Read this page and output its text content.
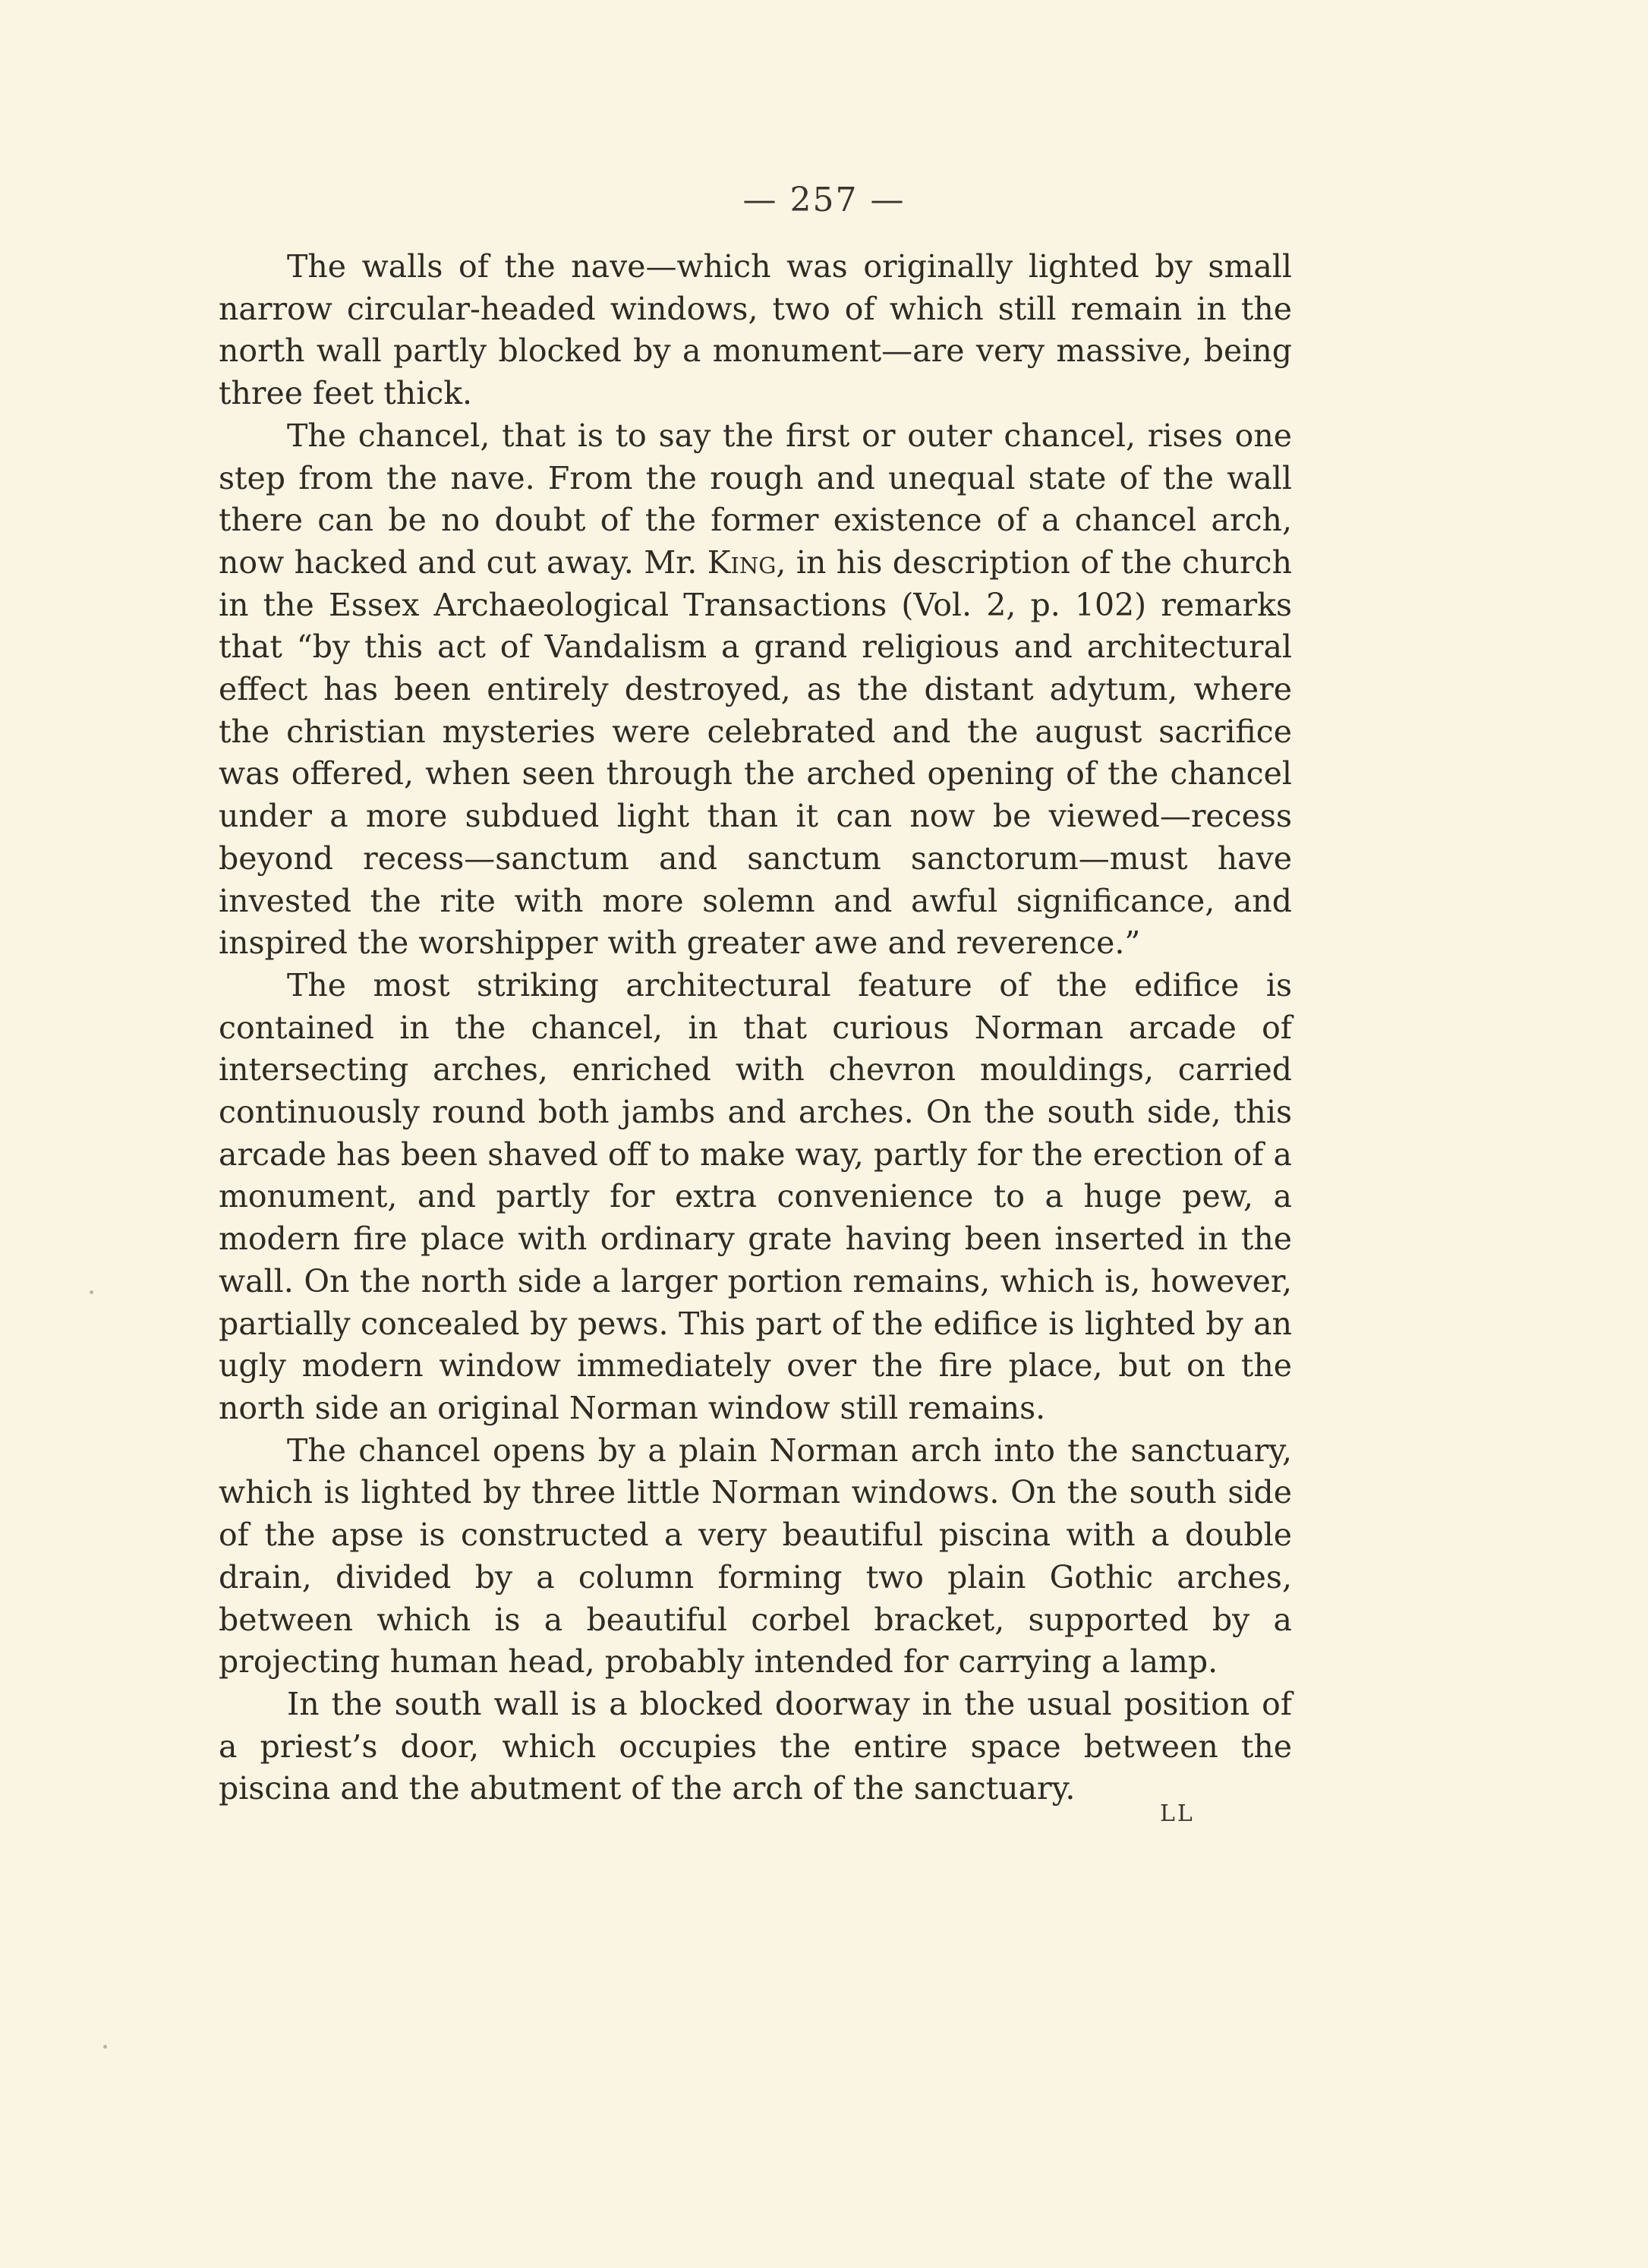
— 257 —

The walls of the nave—which was originally lighted by small narrow circular-headed windows, two of which still remain in the north wall partly blocked by a monument—are very massive, being three feet thick.

The chancel, that is to say the first or outer chancel, rises one step from the nave. From the rough and unequal state of the wall there can be no doubt of the former existence of a chancel arch, now hacked and cut away. Mr. King, in his description of the church in the Essex Archaeological Transactions (Vol. 2, p. 102) remarks that “by this act of Vandalism a grand religious and architectural effect has been entirely destroyed, as the distant adytum, where the christian mysteries were celebrated and the august sacrifice was offered, when seen through the arched opening of the chancel under a more subdued light than it can now be viewed—recess beyond recess—sanctum and sanctum sanctorum—must have invested the rite with more solemn and awful significance, and inspired the worshipper with greater awe and reverence.”

The most striking architectural feature of the edifice is contained in the chancel, in that curious Norman arcade of intersecting arches, enriched with chevron mouldings, carried continuously round both jambs and arches. On the south side, this arcade has been shaved off to make way, partly for the erection of a monument, and partly for extra convenience to a huge pew, a modern fire place with ordinary grate having been inserted in the wall. On the north side a larger portion remains, which is, however, partially concealed by pews. This part of the edifice is lighted by an ugly modern window immediately over the fire place, but on the north side an original Norman window still remains.

The chancel opens by a plain Norman arch into the sanctuary, which is lighted by three little Norman windows. On the south side of the apse is constructed a very beautiful piscina with a double drain, divided by a column forming two plain Gothic arches, between which is a beautiful corbel bracket, supported by a projecting human head, probably intended for carrying a lamp.

In the south wall is a blocked doorway in the usual position of a priest’s door, which occupies the entire space between the piscina and the abutment of the arch of the sanctuary.

LL
